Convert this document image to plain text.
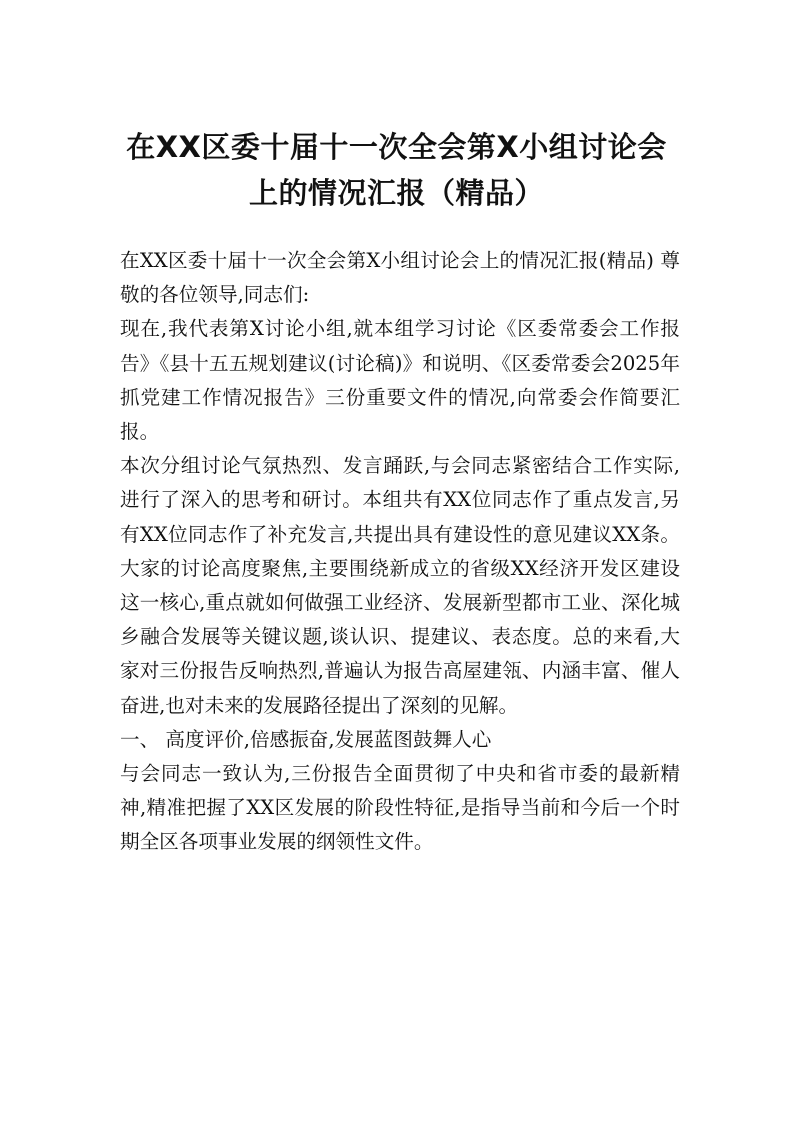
在XX区委十届十一次全会第X小组讨论会
上的情况汇报（精品）

在XX区委十届十一次全会第X小组讨论会上的情况汇报(精品) 尊敬的各位领导,同志们:

现在,我代表第X讨论小组,就本组学习讨论《区委常委会工作报告》《县十五五规划建议(讨论稿)》和说明、《区委常委会2025年抓党建工作情况报告》三份重要文件的情况,向常委会作简要汇报。

本次分组讨论气氛热烈、发言踊跃,与会同志紧密结合工作实际,进行了深入的思考和研讨。本组共有XX位同志作了重点发言,另有XX位同志作了补充发言,共提出具有建设性的意见建议XX条。大家的讨论高度聚焦,主要围绕新成立的省级XX经济开发区建设这一核心,重点就如何做强工业经济、发展新型都市工业、深化城乡融合发展等关键议题,谈认识、提建议、表态度。总的来看,大家对三份报告反响热烈,普遍认为报告高屋建瓴、内涵丰富、催人奋进,也对未来的发展路径提出了深刻的见解。

一、 高度评价,倍感振奋,发展蓝图鼓舞人心

与会同志一致认为,三份报告全面贯彻了中央和省市委的最新精神,精准把握了XX区发展的阶段性特征,是指导当前和今后一个时期全区各项事业发展的纲领性文件。
